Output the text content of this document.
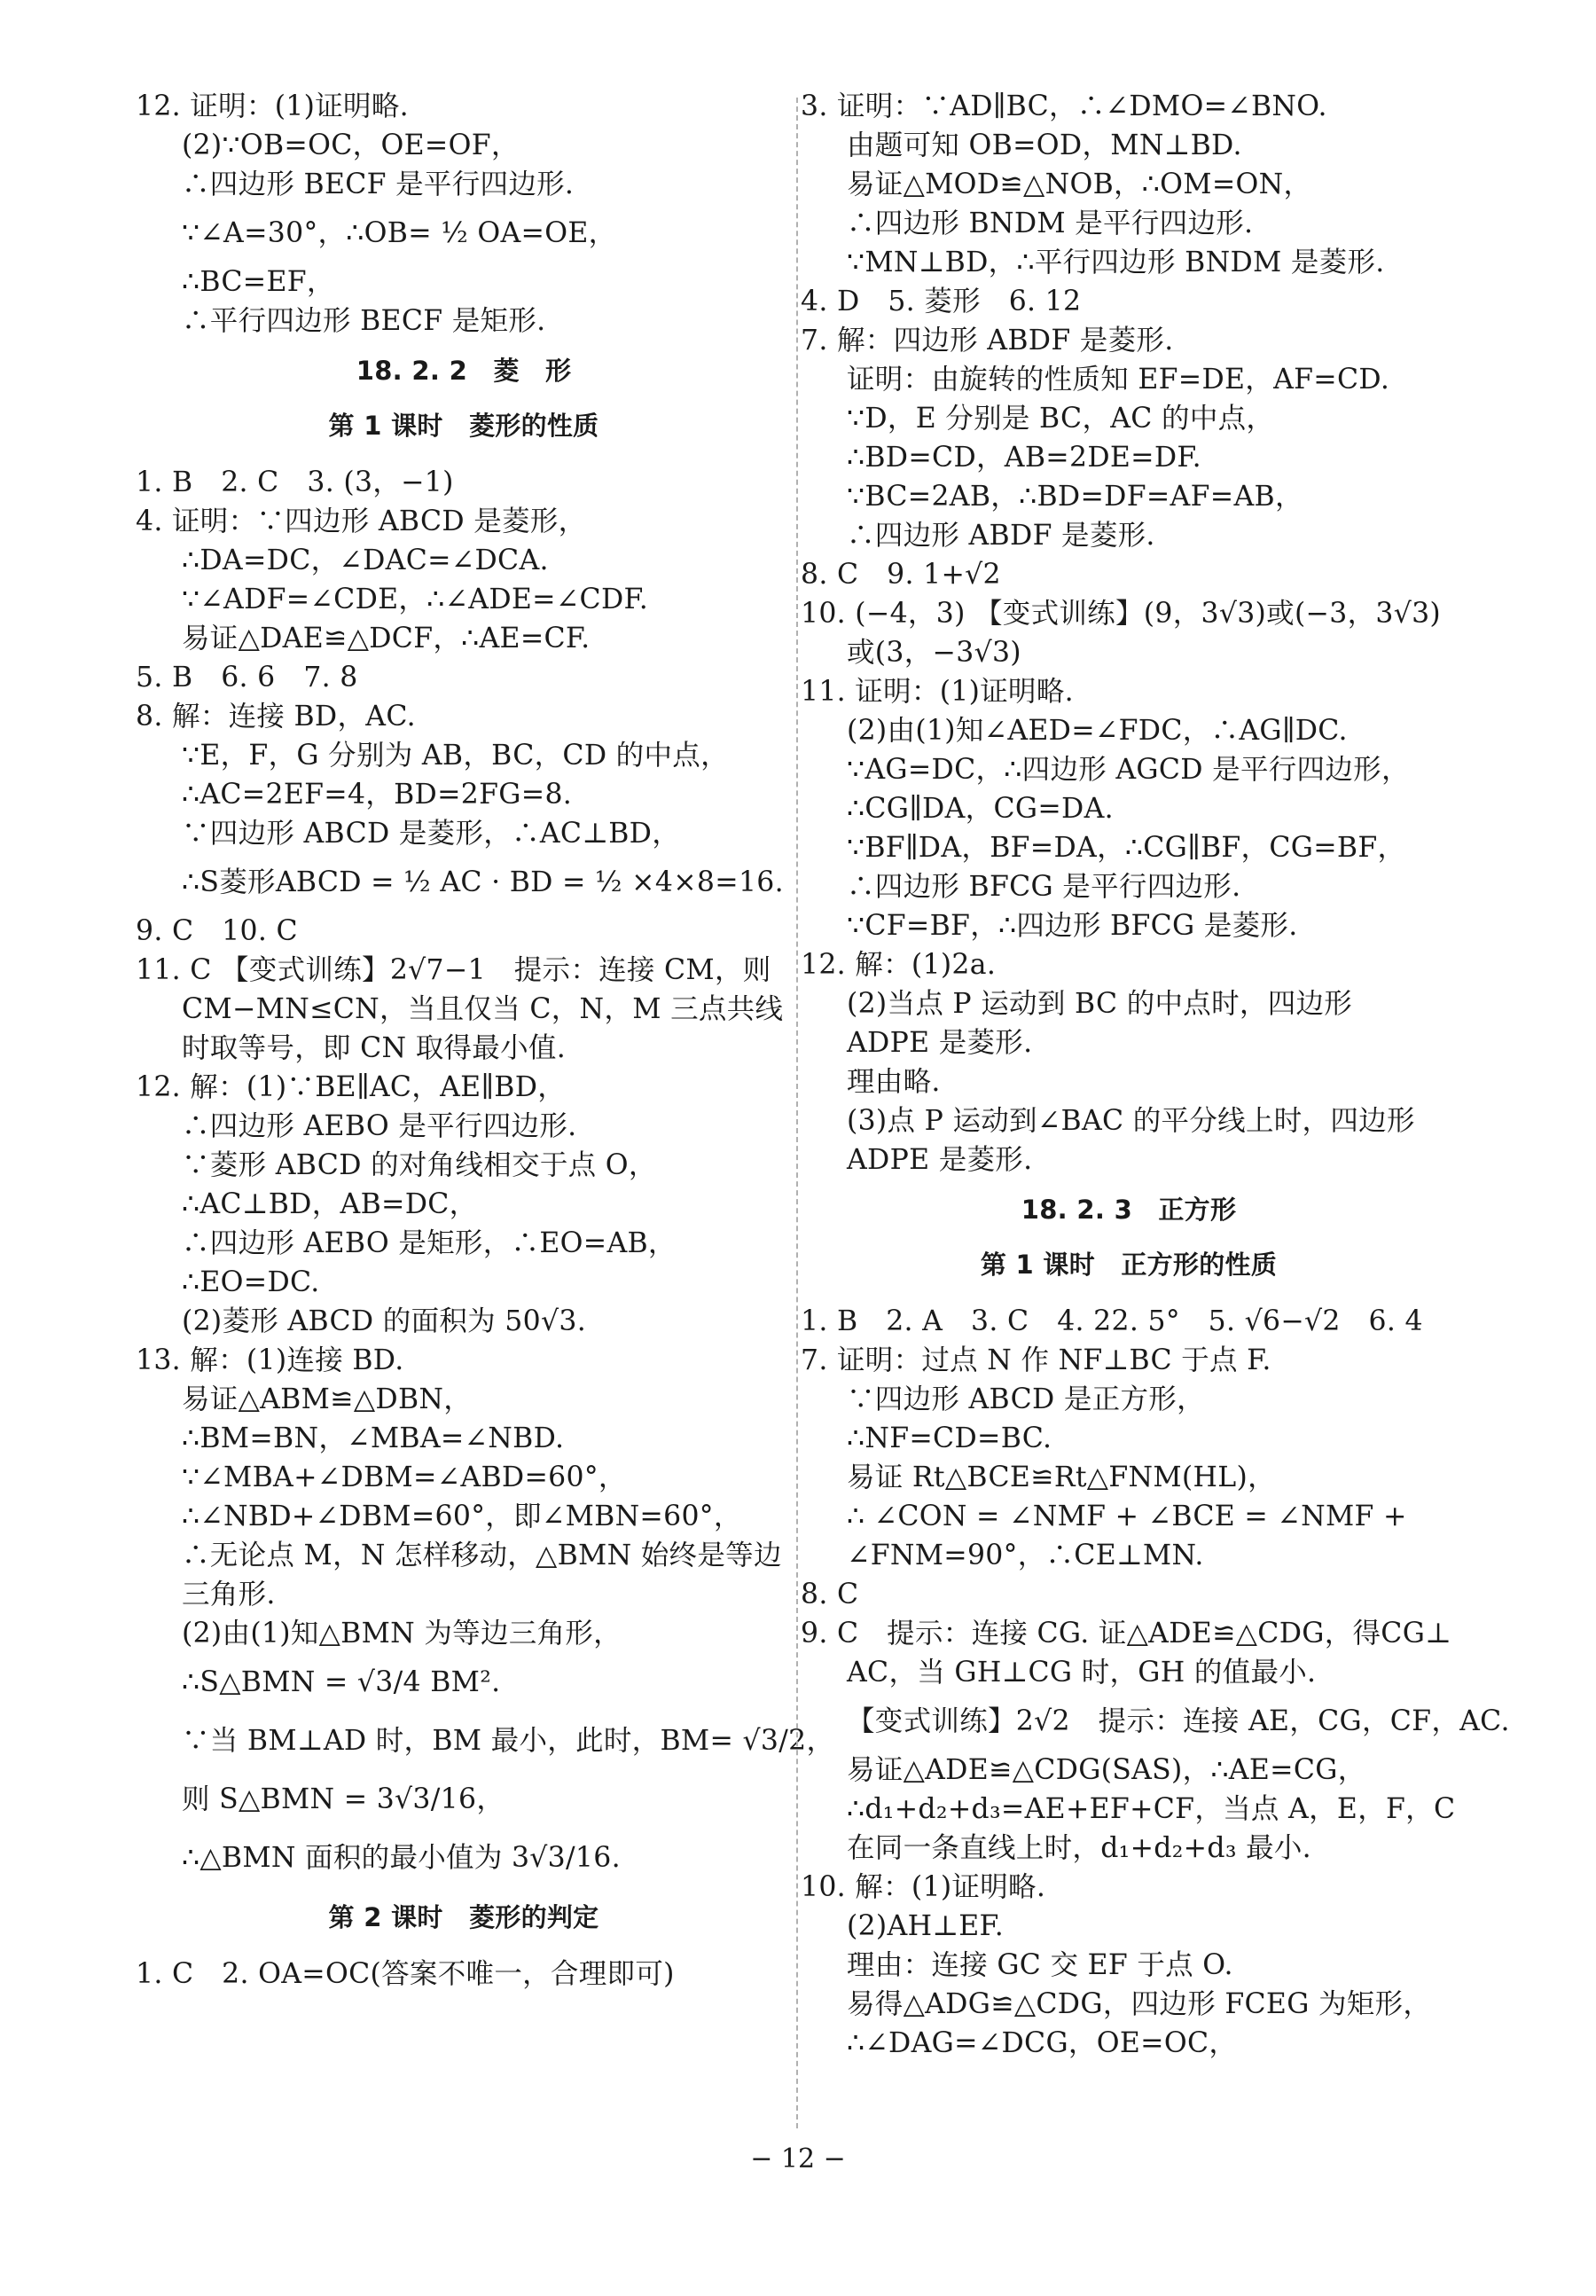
12. 证明：(1)证明略.
(2)∵OB=OC，OE=OF，
∴四边形 BECF 是平行四边形.
∵∠A=30°，∴OB= ½ OA=OE，
∴BC=EF，
∴平行四边形 BECF 是矩形.
18. 2. 2　菱　形
第 1 课时　菱形的性质
1. B　2. C　3. (3，−1)
4. 证明：∵四边形 ABCD 是菱形，
∴DA=DC，∠DAC=∠DCA.
∵∠ADF=∠CDE，∴∠ADE=∠CDF.
易证△DAE≌△DCF，∴AE=CF.
5. B　6. 6　7. 8
8. 解：连接 BD，AC.
∵E，F，G 分别为 AB，BC，CD 的中点，
∴AC=2EF=4，BD=2FG=8.
∵四边形 ABCD 是菱形，∴AC⊥BD，
∴S菱形ABCD = ½ AC · BD = ½ ×4×8=16.
9. C　10. C
11. C 【变式训练】2√7−1　提示：连接 CM，则
CM−MN≤CN，当且仅当 C，N，M 三点共线
时取等号，即 CN 取得最小值.
12. 解：(1)∵BE∥AC，AE∥BD，
∴四边形 AEBO 是平行四边形.
∵菱形 ABCD 的对角线相交于点 O，
∴AC⊥BD，AB=DC，
∴四边形 AEBO 是矩形，∴EO=AB，
∴EO=DC.
(2)菱形 ABCD 的面积为 50√3.
13. 解：(1)连接 BD.
易证△ABM≌△DBN，
∴BM=BN，∠MBA=∠NBD.
∵∠MBA+∠DBM=∠ABD=60°，
∴∠NBD+∠DBM=60°，即∠MBN=60°，
∴无论点 M，N 怎样移动，△BMN 始终是等边
三角形.
(2)由(1)知△BMN 为等边三角形，
∴S△BMN = √3/4 BM².
∵当 BM⊥AD 时，BM 最小，此时，BM= √3/2，
则 S△BMN = 3√3/16，
∴△BMN 面积的最小值为 3√3/16.
第 2 课时　菱形的判定
1. C　2. OA=OC(答案不唯一，合理即可)
3. 证明：∵AD∥BC，∴∠DMO=∠BNO.
由题可知 OB=OD，MN⊥BD.
易证△MOD≌△NOB，∴OM=ON，
∴四边形 BNDM 是平行四边形.
∵MN⊥BD，∴平行四边形 BNDM 是菱形.
4. D　5. 菱形　6. 12
7. 解：四边形 ABDF 是菱形.
证明：由旋转的性质知 EF=DE，AF=CD.
∵D，E 分别是 BC，AC 的中点，
∴BD=CD，AB=2DE=DF.
∵BC=2AB，∴BD=DF=AF=AB，
∴四边形 ABDF 是菱形.
8. C　9. 1+√2
10. (−4，3) 【变式训练】(9，3√3)或(−3，3√3)
或(3，−3√3)
11. 证明：(1)证明略.
(2)由(1)知∠AED=∠FDC，∴AG∥DC.
∵AG=DC，∴四边形 AGCD 是平行四边形，
∴CG∥DA，CG=DA.
∵BF∥DA，BF=DA，∴CG∥BF，CG=BF，
∴四边形 BFCG 是平行四边形.
∵CF=BF，∴四边形 BFCG 是菱形.
12. 解：(1)2a.
(2)当点 P 运动到 BC 的中点时，四边形
ADPE 是菱形.
理由略.
(3)点 P 运动到∠BAC 的平分线上时，四边形
ADPE 是菱形.
18. 2. 3　正方形
第 1 课时　正方形的性质
1. B　2. A　3. C　4. 22. 5°　5. √6−√2　6. 4
7. 证明：过点 N 作 NF⊥BC 于点 F.
∵四边形 ABCD 是正方形，
∴NF=CD=BC.
易证 Rt△BCE≌Rt△FNM(HL)，
∴ ∠CON = ∠NMF + ∠BCE = ∠NMF +
∠FNM=90°，∴CE⊥MN.
8. C
9. C　提示：连接 CG. 证△ADE≌△CDG，得CG⊥
AC，当 GH⊥CG 时，GH 的值最小.
【变式训练】2√2　提示：连接 AE，CG，CF，AC.
易证△ADE≌△CDG(SAS)，∴AE=CG，
∴d₁+d₂+d₃=AE+EF+CF，当点 A，E，F，C
在同一条直线上时，d₁+d₂+d₃ 最小.
10. 解：(1)证明略.
(2)AH⊥EF.
理由：连接 GC 交 EF 于点 O.
易得△ADG≌△CDG，四边形 FCEG 为矩形，
∴∠DAG=∠DCG，OE=OC，
− 12 −
